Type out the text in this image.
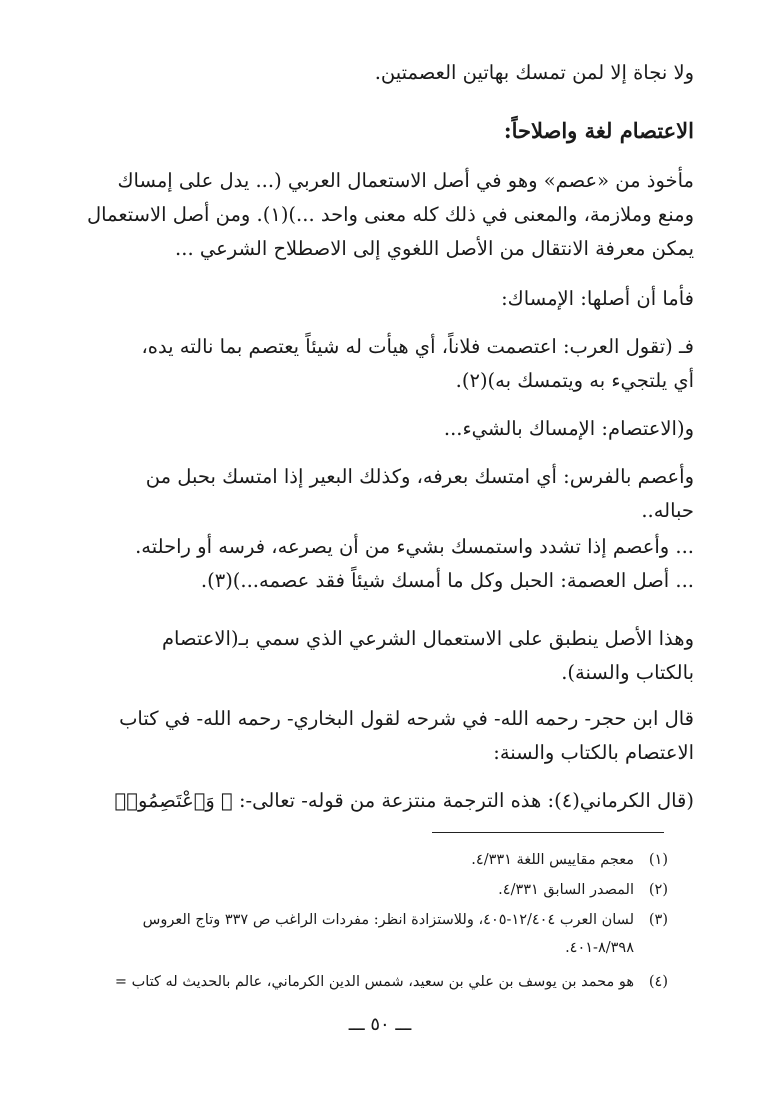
ولا نجاة إلا لمن تمسك بهاتين العصمتين.
الاعتصام لغة واصلاحاً:
مأخوذ من «عصم» وهو في أصل الاستعمال العربي (... يدل على إمساك
ومنع وملازمة، والمعنى في ذلك كله معنى واحد ...)(١). ومن أصل الاستعمال
يمكن معرفة الانتقال من الأصل اللغوي إلى الاصطلاح الشرعي ...
فأما أن أصلها: الإمساك:
فـ (تقول العرب: اعتصمت فلاناً، أي هيأت له شيئاً يعتصم بما نالته يده،
أي يلتجيء به ويتمسك به)(٢).
و(الاعتصام: الإمساك بالشيء...
وأعصم بالفرس: أي امتسك بعرفه، وكذلك البعير إذا امتسك بحبل من
حباله..
... وأعصم إذا تشدد واستمسك بشيء من أن يصرعه، فرسه أو راحلته.
... أصل العصمة: الحبل وكل ما أمسك شيئاً فقد عصمه...)(٣).
وهذا الأصل ينطبق على الاستعمال الشرعي الذي سمي بـ(الاعتصام
بالكتاب والسنة).
قال ابن حجر- رحمه الله- في شرحه لقول البخاري- رحمه الله- في كتاب
الاعتصام بالكتاب والسنة:
(قال الكرماني(٤): هذه الترجمة منتزعة من قوله- تعالى-: ﴿ وَٱعْتَصِمُوا۟
(١)
معجم مقاييس اللغة ٤/٣٣١.
(٢)
المصدر السابق ٤/٣٣١.
(٣)
لسان العرب ١٢/٤٠٤-٤٠٥، وللاستزادة انظر: مفردات الراغب ص ٣٣٧ وتاج العروس
٨/٣٩٨-٤٠١.
(٤)
هو محمد بن يوسف بن علي بن سعيد، شمس الدين الكرماني، عالم بالحديث له كتاب =
ـــ ٥٠ ـــ
